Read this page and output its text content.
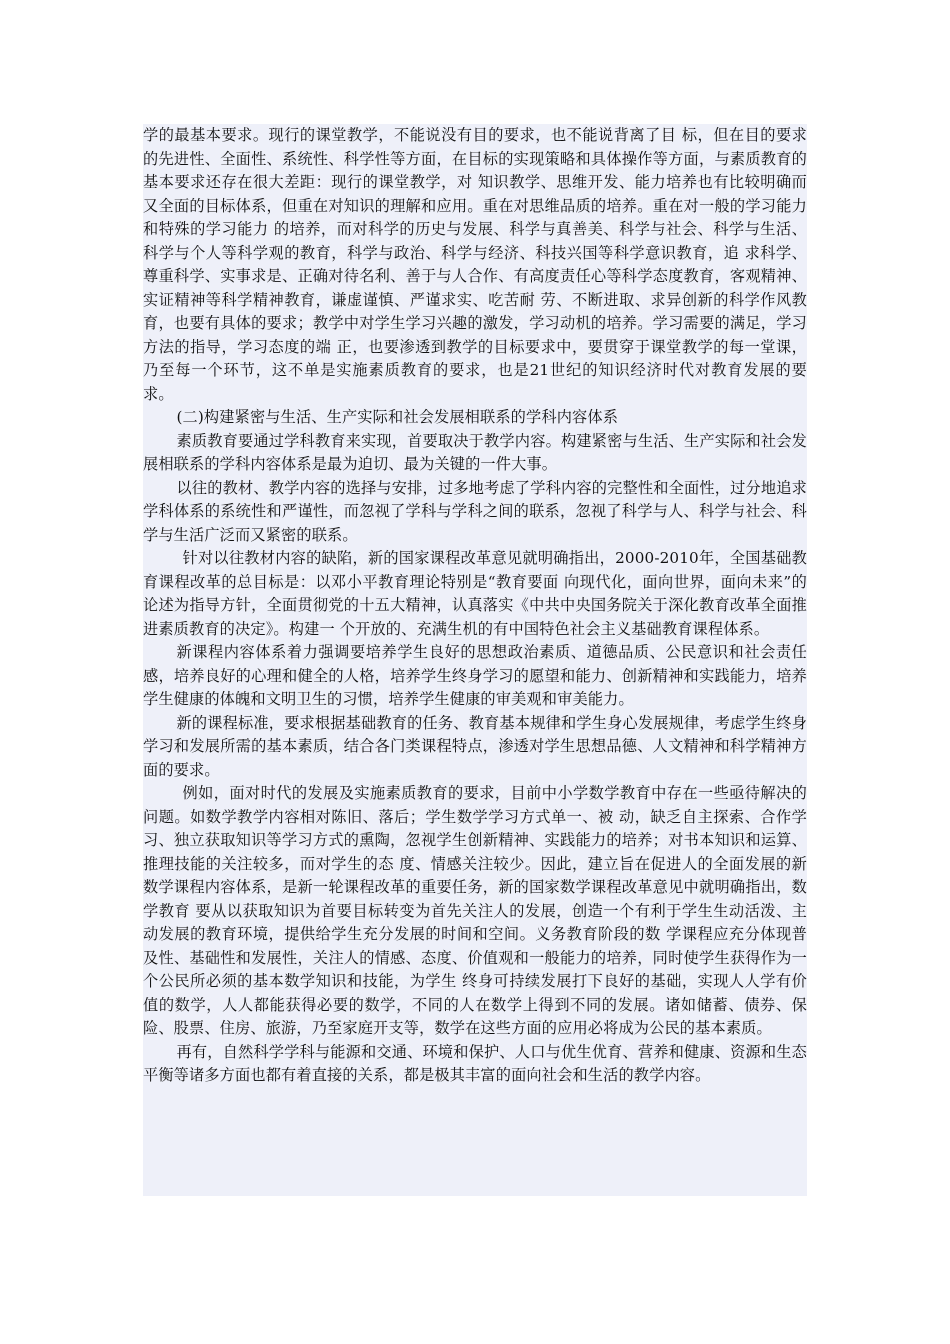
学的最基本要求。现行的课堂教学，不能说没有目的要求，也不能说背离了目 标，但在目的要求的先进性、全面性、系统性、科学性等方面，在目标的实现策略和具体操作等方面，与素质教育的基本要求还存在很大差距：现行的课堂教学，对 知识教学、思维开发、能力培养也有比较明确而又全面的目标体系，但重在对知识的理解和应用。重在对思维品质的培养。重在对一般的学习能力和特殊的学习能力 的培养，而对科学的历史与发展、科学与真善美、科学与社会、科学与生活、科学与个人等科学观的教育，科学与政治、科学与经济、科技兴国等科学意识教育，追 求科学、尊重科学、实事求是、正确对待名利、善于与人合作、有高度责任心等科学态度教育，客观精神、实证精神等科学精神教育，谦虚谨慎、严谨求实、吃苦耐 劳、不断进取、求异创新的科学作风教育，也要有具体的要求；教学中对学生学习兴趣的激发，学习动机的培养。学习需要的满足，学习方法的指导，学习态度的端 正，也要渗透到教学的目标要求中，要贯穿于课堂教学的每一堂课，乃至每一个环节，这不单是实施素质教育的要求，也是21世纪的知识经济时代对教育发展的要 求。

(二)构建紧密与生活、生产实际和社会发展相联系的学科内容体系

素质教育要通过学科教育来实现，首要取决于教学内容。构建紧密与生活、生产实际和社会发展相联系的学科内容体系是最为迫切、最为关键的一件大事。

以往的教材、教学内容的选择与安排，过多地考虑了学科内容的完整性和全面性，过分地追求学科体系的系统性和严谨性，而忽视了学科与学科之间的联系，忽视了科学与人、科学与社会、科学与生活广泛而又紧密的联系。

针对以往教材内容的缺陷，新的国家课程改革意见就明确指出，2000-2010年，全国基础教育课程改革的总目标是：以邓小平教育理论特别是“教育要面 向现代化，面向世界，面向未来”的论述为指导方针，全面贯彻党的十五大精神，认真落实《中共中央国务院关于深化教育改革全面推进素质教育的决定》。构建一 个开放的、充满生机的有中国特色社会主义基础教育课程体系。

新课程内容体系着力强调要培养学生良好的思想政治素质、道德品质、公民意识和社会责任感，培养良好的心理和健全的人格，培养学生终身学习的愿望和能力、创新精神和实践能力，培养学生健康的体魄和文明卫生的习惯，培养学生健康的审美观和审美能力。

新的课程标准，要求根据基础教育的任务、教育基本规律和学生身心发展规律，考虑学生终身学习和发展所需的基本素质，结合各门类课程特点，渗透对学生思想品德、人文精神和科学精神方面的要求。

例如，面对时代的发展及实施素质教育的要求，目前中小学数学教育中存在一些亟待解决的问题。如数学教学内容相对陈旧、落后；学生数学学习方式单一、被 动，缺乏自主探索、合作学习、独立获取知识等学习方式的熏陶，忽视学生创新精神、实践能力的培养；对书本知识和运算、推理技能的关注较多，而对学生的态 度、情感关注较少。因此，建立旨在促进人的全面发展的新数学课程内容体系，是新一轮课程改革的重要任务，新的国家数学课程改革意见中就明确指出，数学教育 要从以获取知识为首要目标转变为首先关注人的发展，创造一个有利于学生生动活泼、主动发展的教育环境，提供给学生充分发展的时间和空间。义务教育阶段的数 学课程应充分体现普及性、基础性和发展性，关注人的情感、态度、价值观和一般能力的培养，同时使学生获得作为一个公民所必须的基本数学知识和技能，为学生 终身可持续发展打下良好的基础，实现人人学有价值的数学，人人都能获得必要的数学，不同的人在数学上得到不同的发展。诸如储蓄、债券、保险、股票、住房、旅游，乃至家庭开支等，数学在这些方面的应用必将成为公民的基本素质。

再有，自然科学学科与能源和交通、环境和保护、人口与优生优育、营养和健康、资源和生态平衡等诸多方面也都有着直接的关系，都是极其丰富的面向社会和生活的教学内容。
